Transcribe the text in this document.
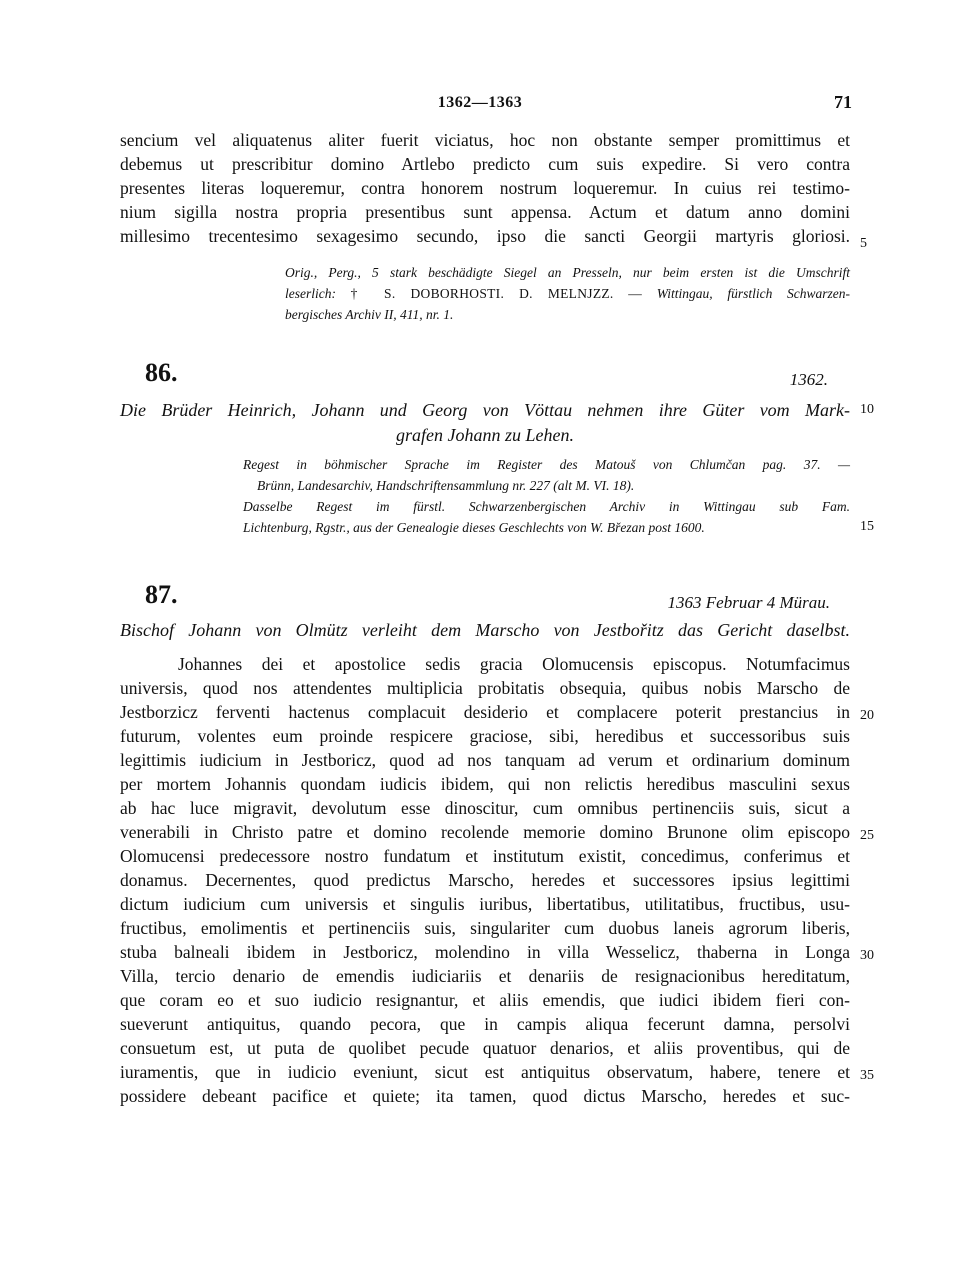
1362—1363	71
sencium vel aliquatenus aliter fuerit viciatus, hoc non obstante semper promittimus et
debemus ut prescribitur domino Artlebo predicto cum suis expedire. Si vero contra
presentes literas loqueremur, contra honorem nostrum loqueremur. In cuius rei testimo-
nium sigilla nostra propria presentibus sunt appensa. Actum et datum anno domini
millesimo trecentesimo sexagesimo secundo, ipso die sancti Georgii martyris gloriosi. 5
Orig., Perg., 5 stark beschädigte Siegel an Presseln, nur beim ersten ist die Umschrift
leserlich: † S. DOBORHOSTI. D. MELNJZZ. — Wittingau, fürstlich Schwarzen-
bergisches Archiv II, 411, nr. 1.
86.	1362.
Die Brüder Heinrich, Johann und Georg von Vöttau nehmen ihre Güter vom Mark-
grafen Johann zu Lehen.
10
Regest in böhmischer Sprache im Register des Matouš von Chlumčan pag. 37. —
Brünn, Landesarchiv, Handschriftensammlung nr. 227 (alt M. VI. 18).
Dasselbe Regest im fürstl. Schwarzenbergischen Archiv in Wittingau sub Fam.
Lichtenburg, Rgstr., aus der Genealogie dieses Geschlechts von W. Březan post 1600.	15
87.	1363 Februar 4 Mürau.
Bischof Johann von Olmütz verleiht dem Marscho von Jestbořitz das Gericht daselbst.
Johannes dei et apostolice sedis gracia Olomucensis episcopus. Notumfacimus
universis, quod nos attendentes multiplicia probitatis obsequia, quibus nobis Marscho de
Jestborzicz ferventi hactenus complacuit desiderio et complacere poterit prestancius in
futurum, volentes eum proinde respicere graciose, sibi, heredibus et successoribus suis
legittimis iudicium in Jestboricz, quod ad nos tanquam ad verum et ordinarium dominum
per mortem Johannis quondam iudicis ibidem, qui non relictis heredibus masculini sexus
ab hac luce migravit, devolutum esse dinoscitur, cum omnibus pertinenciis suis, sicut a
venerabili in Christo patre et domino recolende memorie domino Brunone olim episcopo
Olomucensi predecessore nostro fundatum et institutum existit, concedimus, conferimus et
donamus. Decernentes, quod predictus Marscho, heredes et successores ipsius legittimi
dictum iudicium cum universis et singulis iuribus, libertatibus, utilitatibus, fructibus, usu-
fructibus, emolimentis et pertinenciis suis, singulariter cum duobus laneis agrorum liberis,
stuba balneali ibidem in Jestboricz, molendino in villa Wesselicz, thaberna in Longa
Villa, tercio denario de emendis iudiciariis et denariis de resignacionibus hereditatum,
que coram eo et suo iudicio resignantur, et aliis emendis, que iudici ibidem fieri con-
sueverunt antiquitus, quando pecora, que in campis aliqua fecerunt damna, persolvi
consuetum est, ut puta de quolibet pecude quatuor denarios, et aliis proventibus, qui de
iuramentis, que in iudicio eveniunt, sicut est antiquitus observatum, habere, tenere et
possidere debeant pacifice et quiete; ita tamen, quod dictus Marscho, heredes et suc-
20
25
30
35
